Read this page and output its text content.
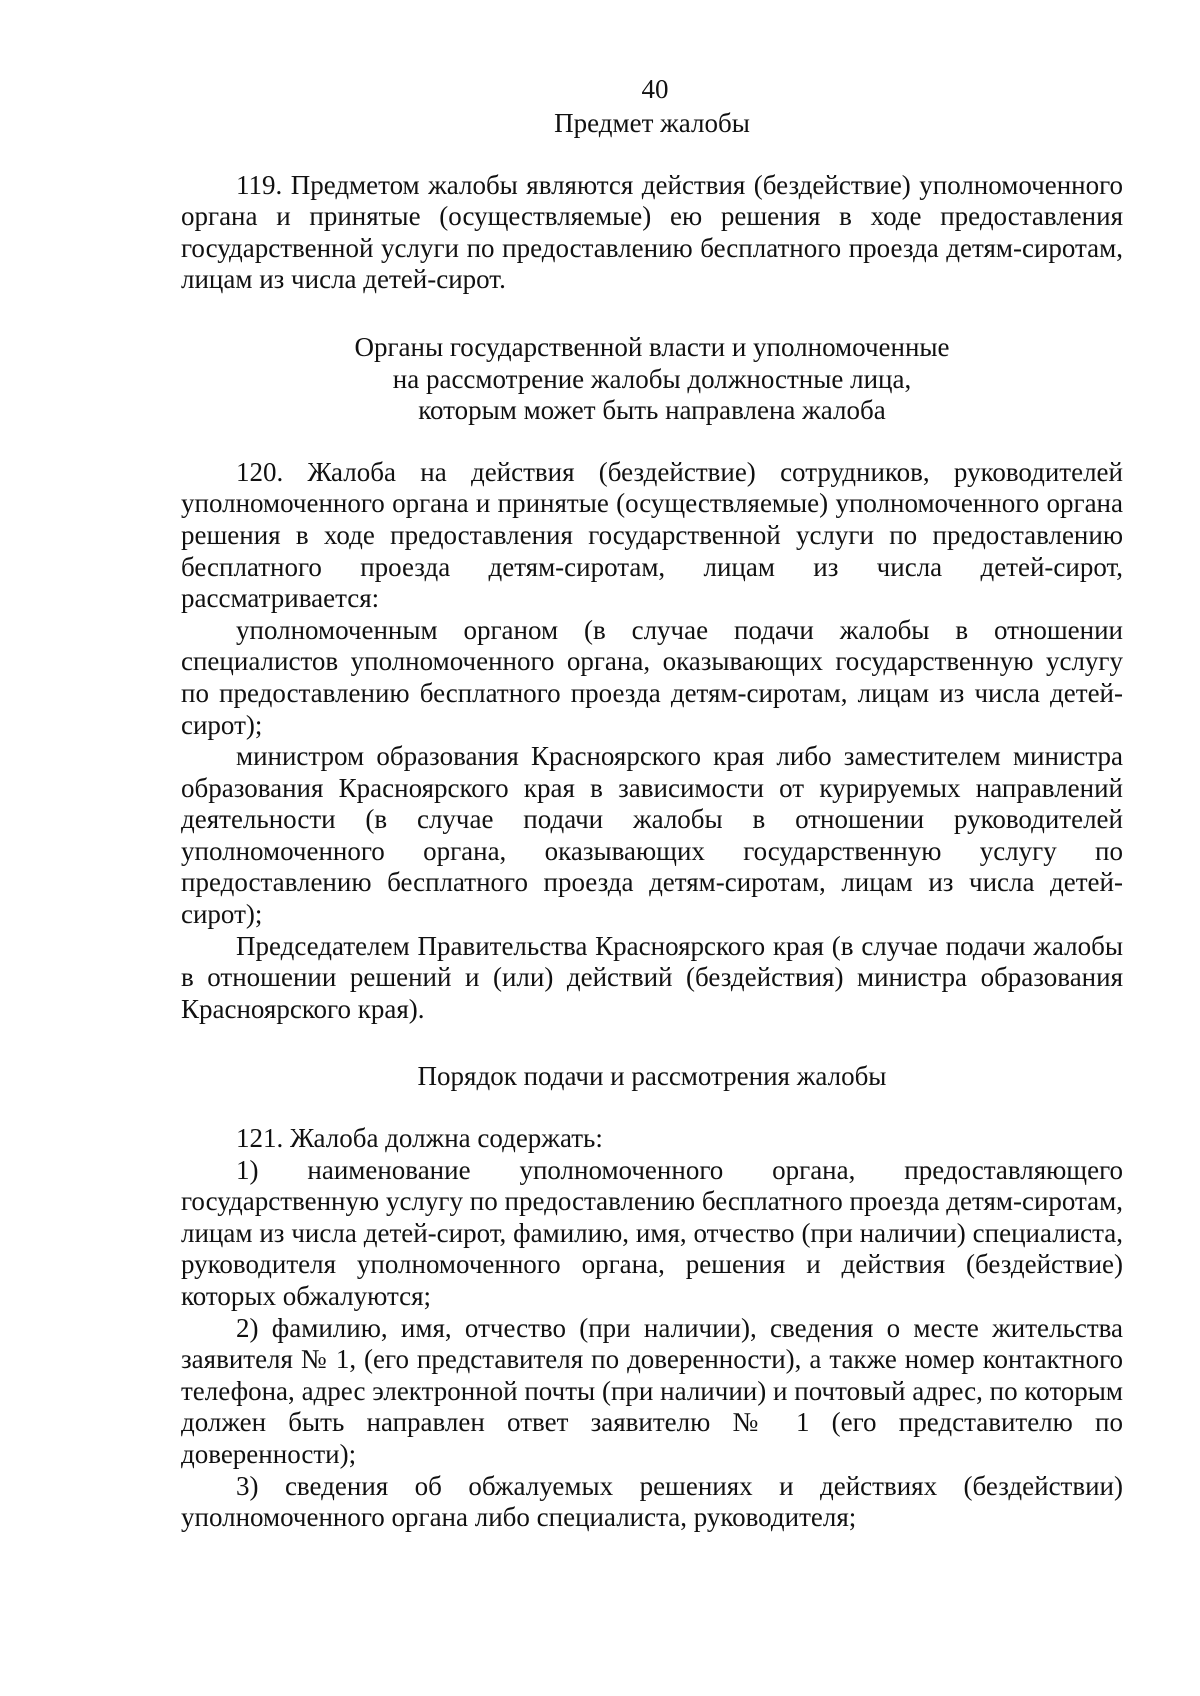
40

Предмет жалобы

119. Предметом жалобы являются действия (бездействие) уполномоченного органа и принятые (осуществляемые) ею решения в ходе предоставления государственной услуги по предоставлению бесплатного проезда детям-сиротам, лицам из числа детей-сирот.

Органы государственной власти и уполномоченные

на рассмотрение жалобы должностные лица,

которым может быть направлена жалоба

120. Жалоба на действия (бездействие) сотрудников, руководителей уполномоченного органа и принятые (осуществляемые) уполномоченного органа решения в ходе предоставления государственной услуги по предоставлению бесплатного проезда детям-сиротам, лицам из числа детей-сирот, рассматривается:

уполномоченным органом (в случае подачи жалобы в отношении специалистов уполномоченного органа, оказывающих государственную услугу по предоставлению бесплатного проезда детям-сиротам, лицам из числа детей-сирот);

министром образования Красноярского края либо заместителем министра образования Красноярского края в зависимости от курируемых направлений деятельности (в случае подачи жалобы в отношении руководителей уполномоченного органа, оказывающих государственную услугу по предоставлению бесплатного проезда детям-сиротам, лицам из числа детей-сирот);

Председателем Правительства Красноярского края (в случае подачи жалобы в отношении решений и (или) действий (бездействия) министра образования Красноярского края).

Порядок подачи и рассмотрения жалобы

121. Жалоба должна содержать:

1) наименование уполномоченного органа, предоставляющего государственную услугу по предоставлению бесплатного проезда детям-сиротам, лицам из числа детей-сирот, фамилию, имя, отчество (при наличии) специалиста, руководителя уполномоченного органа, решения и действия (бездействие) которых обжалуются;

2) фамилию, имя, отчество (при наличии), сведения о месте жительства заявителя № 1, (его представителя по доверенности), а также номер контактного телефона, адрес электронной почты (при наличии) и почтовый адрес, по которым должен быть направлен ответ заявителю № 1 (его представителю по доверенности);

3) сведения об обжалуемых решениях и действиях (бездействии) уполномоченного органа либо специалиста, руководителя;
